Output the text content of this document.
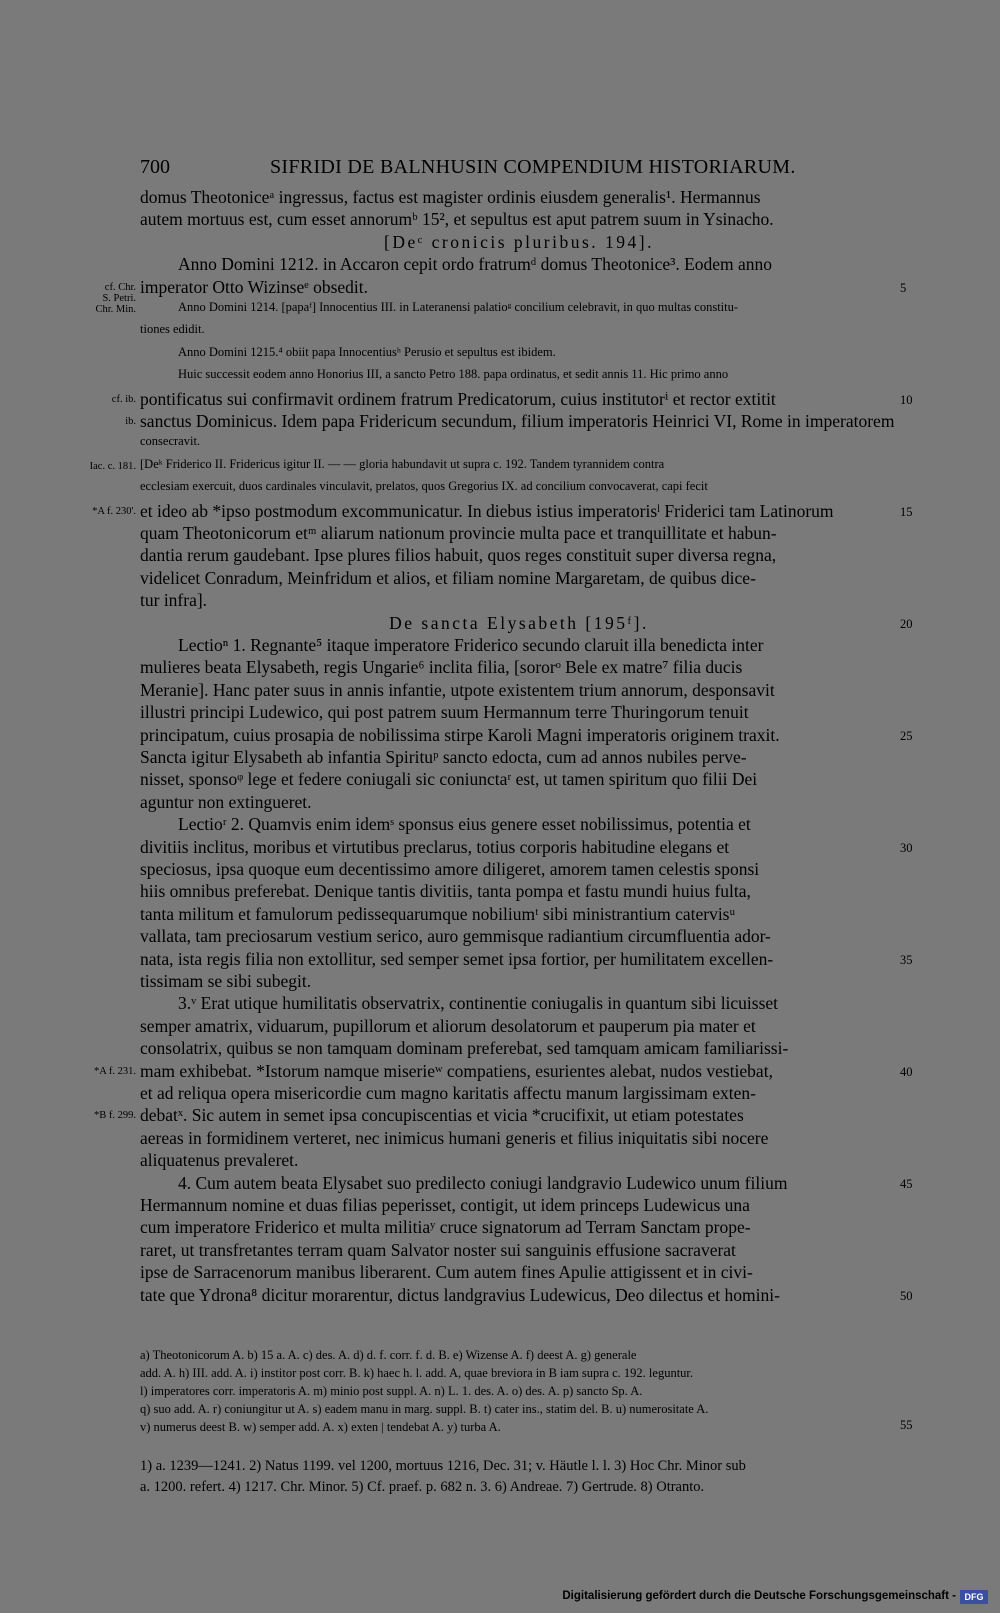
700	SIFRIDI DE BALNHUSIN COMPENDIUM HISTORIARUM.
domus Theotoniceᵃ ingressus, factus est magister ordinis eiusdem generalis¹. Hermannus
autem mortuus est, cum esset annorumᵇ 15², et sepultus est aput patrem suum in Ysinacho.
[Deᶜ cronicis pluribus. 194].
Anno Domini 1212. in Accaron cepit ordo fratrumᵈ domus Theotonice³. Eodem anno
imperator Otto Wizinseᵉ obsedit.
Anno Domini 1214. [papaᶠ] Innocentius III. in Lateranensi palatioᵍ concilium celebravit, in quo multas constitu-
tiones edidit.
Anno Domini 1215.⁴ obiit papa Innocentiusʰ Perusio et sepultus est ibidem.
Huic successit eodem anno Honorius III, a sancto Petro 188. papa ordinatus, et sedit annis 11. Hic primo anno
pontificatus sui confirmavit ordinem fratrum Predicatorum, cuius institutorⁱ et rector extitit
sanctus Dominicus. Idem papa Fridericum secundum, filium imperatoris Heinrici VI, Rome in imperatorem
consecravit.
[Deᵏ Friderico II. Fridericus igitur II. — — gloria habundavit ut supra c. 192. Tandem tyrannidem contra
ecclesiam exercuit, duos cardinales vinculavit, prelatos, quos Gregorius IX. ad concilium convocaverat, capi fecit
et ideo ab *ipso postmodum excommunicatur. In diebus istius imperatorisˡ Friderici tam Latinorum
quam Theotonicorum etᵐ aliarum nationum provincie multa pace et tranquillitate et habun-
dantia rerum gaudebant. Ipse plures filios habuit, quos reges constituit super diversa regna,
videlicet Conradum, Meinfridum et alios, et filiam nomine Margaretam, de quibus dice-
tur infra].
De sancta Elysabeth [195ᶠ].
Lectioⁿ 1. Regnante⁵ itaque imperatore Friderico secundo claruit illa benedicta inter
mulieres beata Elysabeth, regis Ungarie⁶ inclita filia, [sororᵒ Bele ex matre⁷ filia ducis
Meranie]. Hanc pater suus in annis infantie, utpote existentem trium annorum, desponsavit
illustri principi Ludewico, qui post patrem suum Hermannum terre Thuringorum tenuit
principatum, cuius prosapia de nobilissima stirpe Karoli Magni imperatoris originem traxit.
Sancta igitur Elysabeth ab infantia Spirituᵖ sancto edocta, cum ad annos nubiles perve-
nisset, sponsoᵠ lege et federe coniugali sic coniunctaʳ est, ut tamen spiritum quo filii Dei
aguntur non extingueret.
Lectioʳ 2. Quamvis enim idemˢ sponsus eius genere esset nobilissimus, potentia et
divitiis inclitus, moribus et virtutibus preclarus, totius corporis habitudine elegans et
speciosus, ipsa quoque eum decentissimo amore diligeret, amorem tamen celestis sponsi
hiis omnibus preferebat. Denique tantis divitiis, tanta pompa et fastu mundi huius fulta,
tanta militum et famulorum pedissequarumque nobiliumᵗ sibi ministrantium catervisᵘ
vallata, tam preciosarum vestium serico, auro gemmisque radiantium circumfluentia ador-
nata, ista regis filia non extollitur, sed semper semet ipsa fortior, per humilitatem excellen-
tissimam se sibi subegit.
3.ᵛ Erat utique humilitatis observatrix, continentie coniugalis in quantum sibi licuisset
semper amatrix, viduarum, pupillorum et aliorum desolatorum et pauperum pia mater et
consolatrix, quibus se non tamquam dominam preferebat, sed tamquam amicam familiarissi-
mam exhibebat. *Istorum namque miserieʷ compatiens, esurientes alebat, nudos vestiebat,
et ad reliqua opera misericordie cum magno karitatis affectu manum largissimam exten-
debatˣ. Sic autem in semet ipsa concupiscentias et vicia *crucifixit, ut etiam potestates
aereas in formidinem verteret, nec inimicus humani generis et filius iniquitatis sibi nocere
aliquatenus prevaleret.
4. Cum autem beata Elysabet suo predilecto coniugi landgravio Ludewico unum filium
Hermannum nomine et duas filias peperisset, contigit, ut idem princeps Ludewicus una
cum imperatore Friderico et multa militiaʸ cruce signatorum ad Terram Sanctam prope-
raret, ut transfretantes terram quam Salvator noster sui sanguinis effusione sacraverat
ipse de Sarracenorum manibus liberarent. Cum autem fines Apulie attigissent et in civi-
tate que Ydrona⁸ dicitur morarentur, dictus landgravius Ludewicus, Deo dilectus et homini-
5
10
15
20
25
30
35
40
45
50
cf. Chr.
S. Petri.
Chr. Min.
cf. ib.
ib.
Iac. c. 181.
*A f. 230'.
*A f. 231.
*B f. 299.
a) Theotonicorum A. b) 15 a. A. c) des. A. d) d. f. corr. f. d. B. e) Wizense A. f) deest A. g) generale
add. A. h) III. add. A. i) institor post corr. B. k) haec h. l. add. A, quae breviora in B iam supra c. 192. leguntur.
l) imperatores corr. imperatoris A. m) minio post suppl. A. n) L. 1. des. A. o) des. A. p) sancto Sp. A.
q) suo add. A. r) coniungitur ut A. s) eadem manu in marg. suppl. B. t) cater ins., statim del. B. u) numerositate A.
v) numerus deest B. w) semper add. A. x) exten | tendebat A. y) turba A.	55
1) a. 1239—1241. 2) Natus 1199. vel 1200, mortuus 1216, Dec. 31; v. Häutle l. l. 3) Hoc Chr. Minor sub
a. 1200. refert. 4) 1217. Chr. Minor. 5) Cf. praef. p. 682 n. 3. 6) Andreae. 7) Gertrude. 8) Otranto.
Digitalisierung gefördert durch die Deutsche Forschungsgemeinschaft - DFG
